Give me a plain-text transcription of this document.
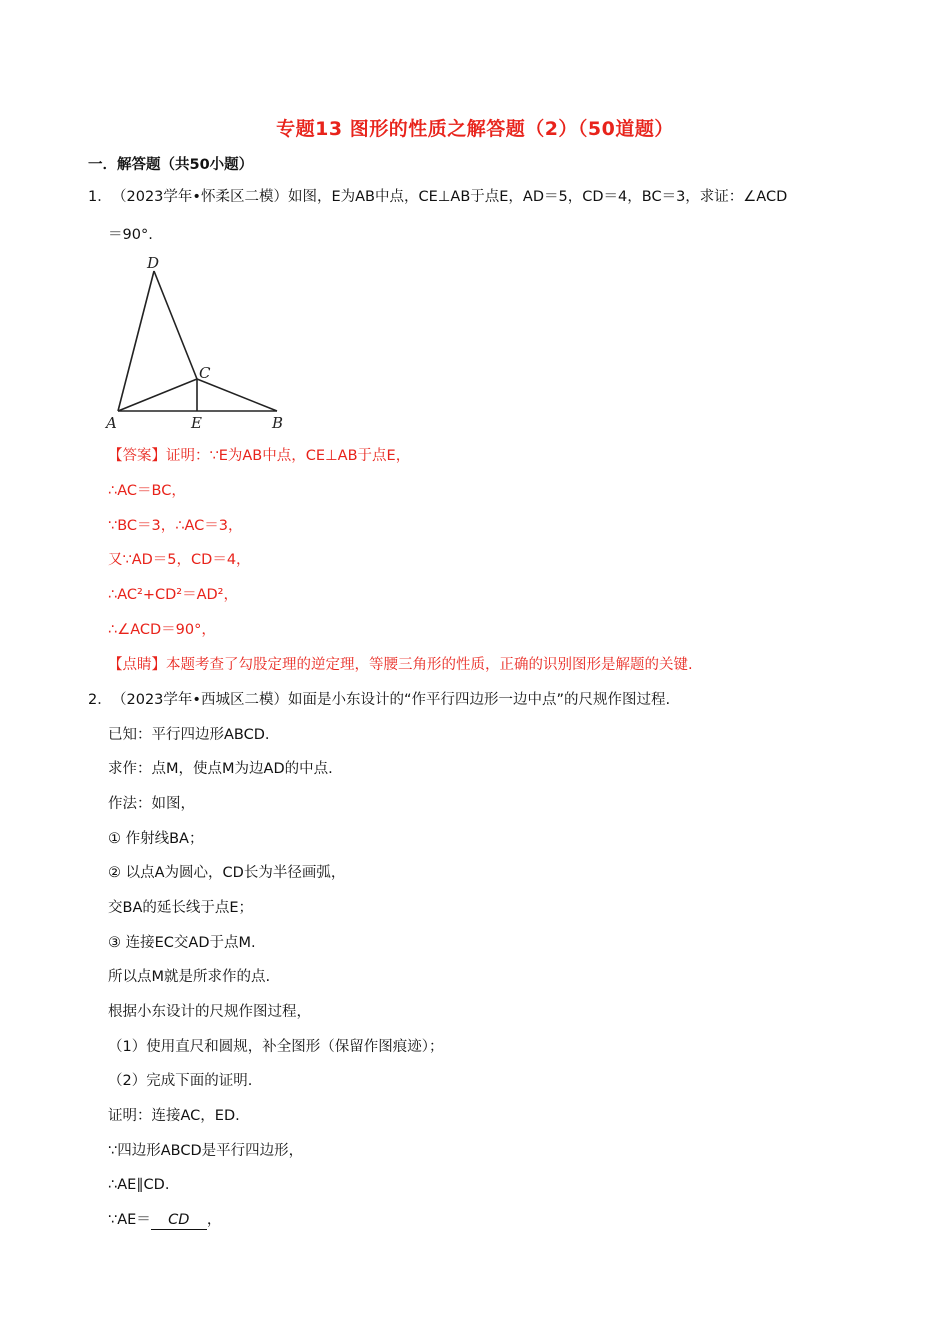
专题13 图形的性质之解答题（2）（50道题）
一．解答题（共50小题）
1． （2023学年•怀柔区二模）如图，E为AB中点，CE⊥AB于点E，AD＝5，CD＝4，BC＝3，求证：∠ACD
＝90°.
D
C
A	E	B
【答案】证明：∵E为AB中点，CE⊥AB于点E，
∴AC＝BC，
∵BC＝3，∴AC＝3，
又∵AD＝5，CD＝4，
∴AC²+CD²＝AD²，
∴∠ACD＝90°，
【点睛】本题考查了勾股定理的逆定理，等腰三角形的性质，正确的识别图形是解题的关键.
2． （2023学年•西城区二模）如面是小东设计的“作平行四边形一边中点”的尺规作图过程.
已知：平行四边形ABCD.
求作：点M，使点M为边AD的中点.
作法：如图，
① 作射线BA；
② 以点A为圆心，CD长为半径画弧，
交BA的延长线于点E；
③ 连接EC交AD于点M.
所以点M就是所求作的点.
根据小东设计的尺规作图过程，
（1）使用直尺和圆规，补全图形（保留作图痕迹）；
（2）完成下面的证明.
证明：连接AC，ED.
∵四边形ABCD是平行四边形，
∴AE∥CD.
∵AE＝ CD ，
